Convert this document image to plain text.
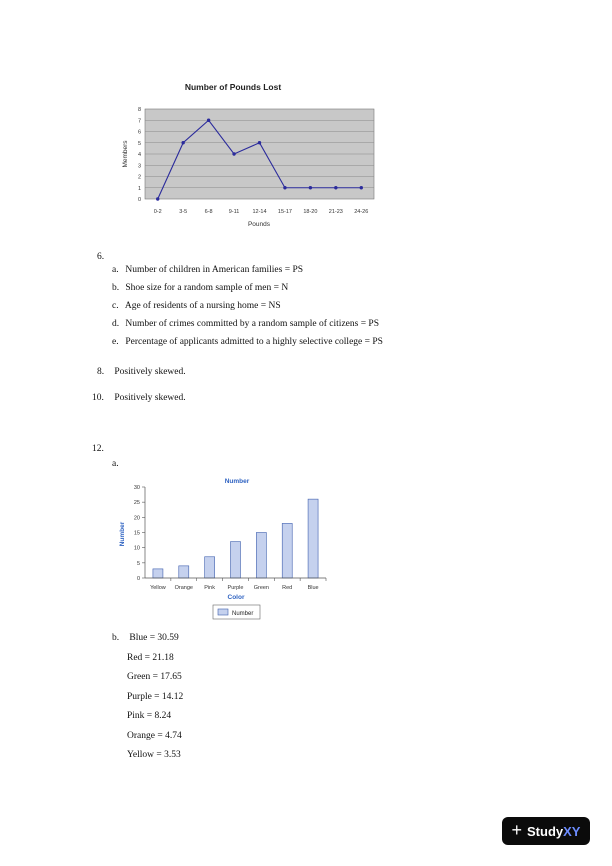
Number of Pounds Lost
0
1
2
3
4
5
6
7
8
0-2	3-5	6-8	9-11 12-14 15-17 18-20 21-23 24-26
Members
Pounds
6.
a. Number of children in American families = PS
b. Shoe size for a random sample of men = N
c. Age of residents of a nursing home = NS
d. Number of crimes committed by a random sample of citizens = PS
e. Percentage of applicants admitted to a highly selective college = PS
8. Positively skewed.
10. Positively skewed.
12.
a.
Number
0
5
10
15
20
25
30
Yellow Orange Pink Purple Green Red	Blue
Number
Color
Number
b. Blue = 30.59
Red = 21.18
Green = 17.65
Purple = 14.12
Pink = 8.24
Orange = 4.74
Yellow = 3.53
+ StudyXY
